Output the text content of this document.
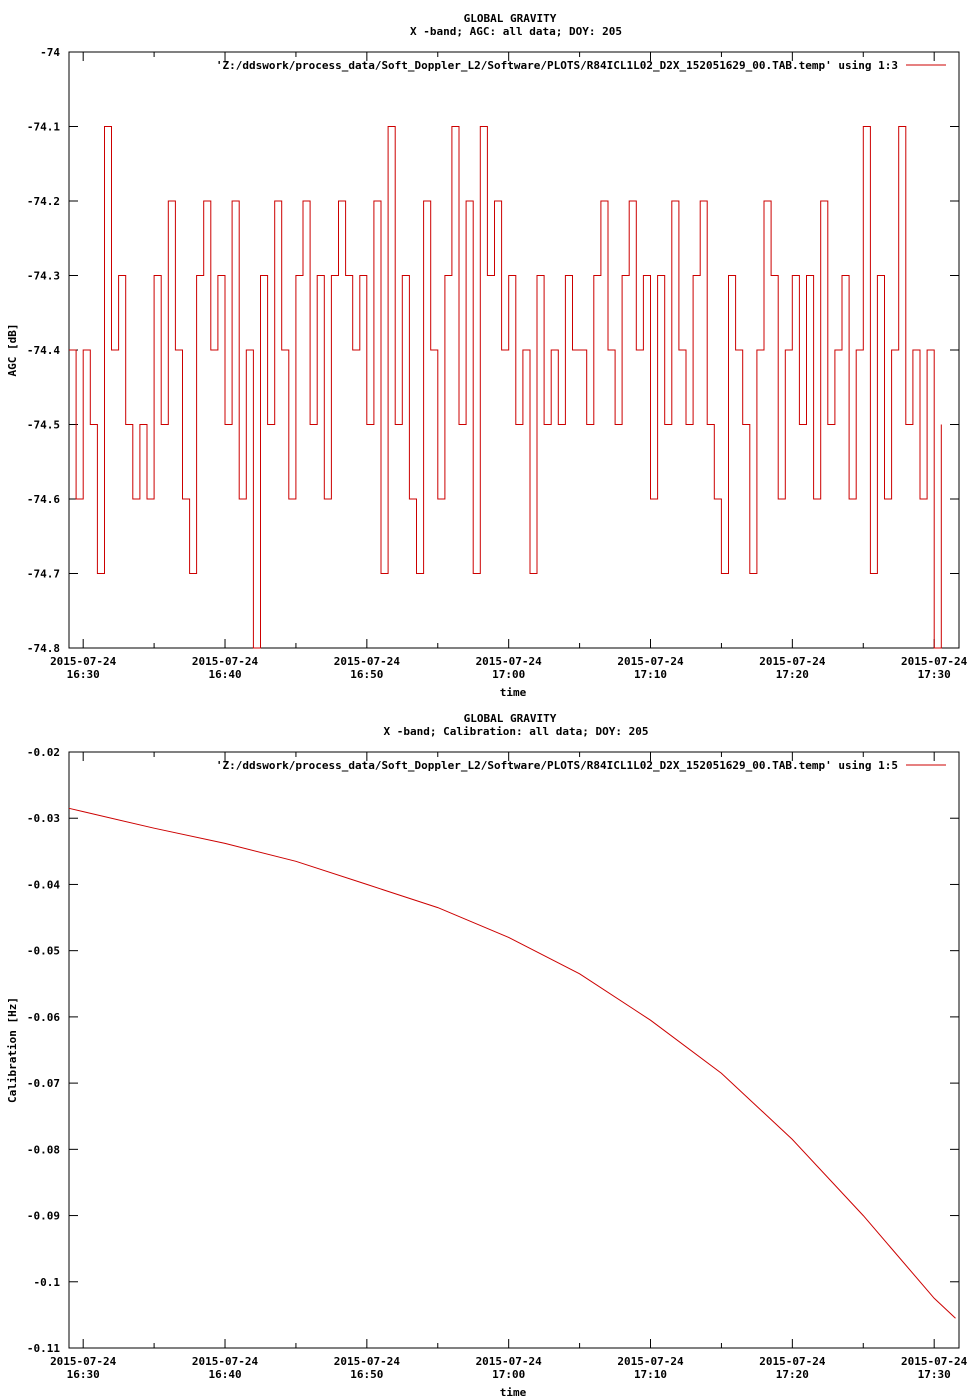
GLOBAL GRAVITY
X -band; AGC: all data; DOY: 205
-74
-74.1
-74.2
-74.3
-74.4
-74.5
-74.6
-74.7
-74.8
2015-07-24
16:30
2015-07-24
16:40
2015-07-24
16:50
2015-07-24
17:00
2015-07-24
17:10
2015-07-24
17:20
2015-07-24
17:30
AGC [dB]
time
'Z:/ddswork/process_data/Soft_Doppler_L2/Software/PLOTS/R84ICL1L02_D2X_152051629_00.TAB.temp' using 1:3
GLOBAL GRAVITY
X -band; Calibration: all data; DOY: 205
-0.02
-0.03
-0.04
-0.05
-0.06
-0.07
-0.08
-0.09
-0.1
-0.11
2015-07-24
16:30
2015-07-24
16:40
2015-07-24
16:50
2015-07-24
17:00
2015-07-24
17:10
2015-07-24
17:20
2015-07-24
17:30
Calibration [Hz]
time
'Z:/ddswork/process_data/Soft_Doppler_L2/Software/PLOTS/R84ICL1L02_D2X_152051629_00.TAB.temp' using 1:5
